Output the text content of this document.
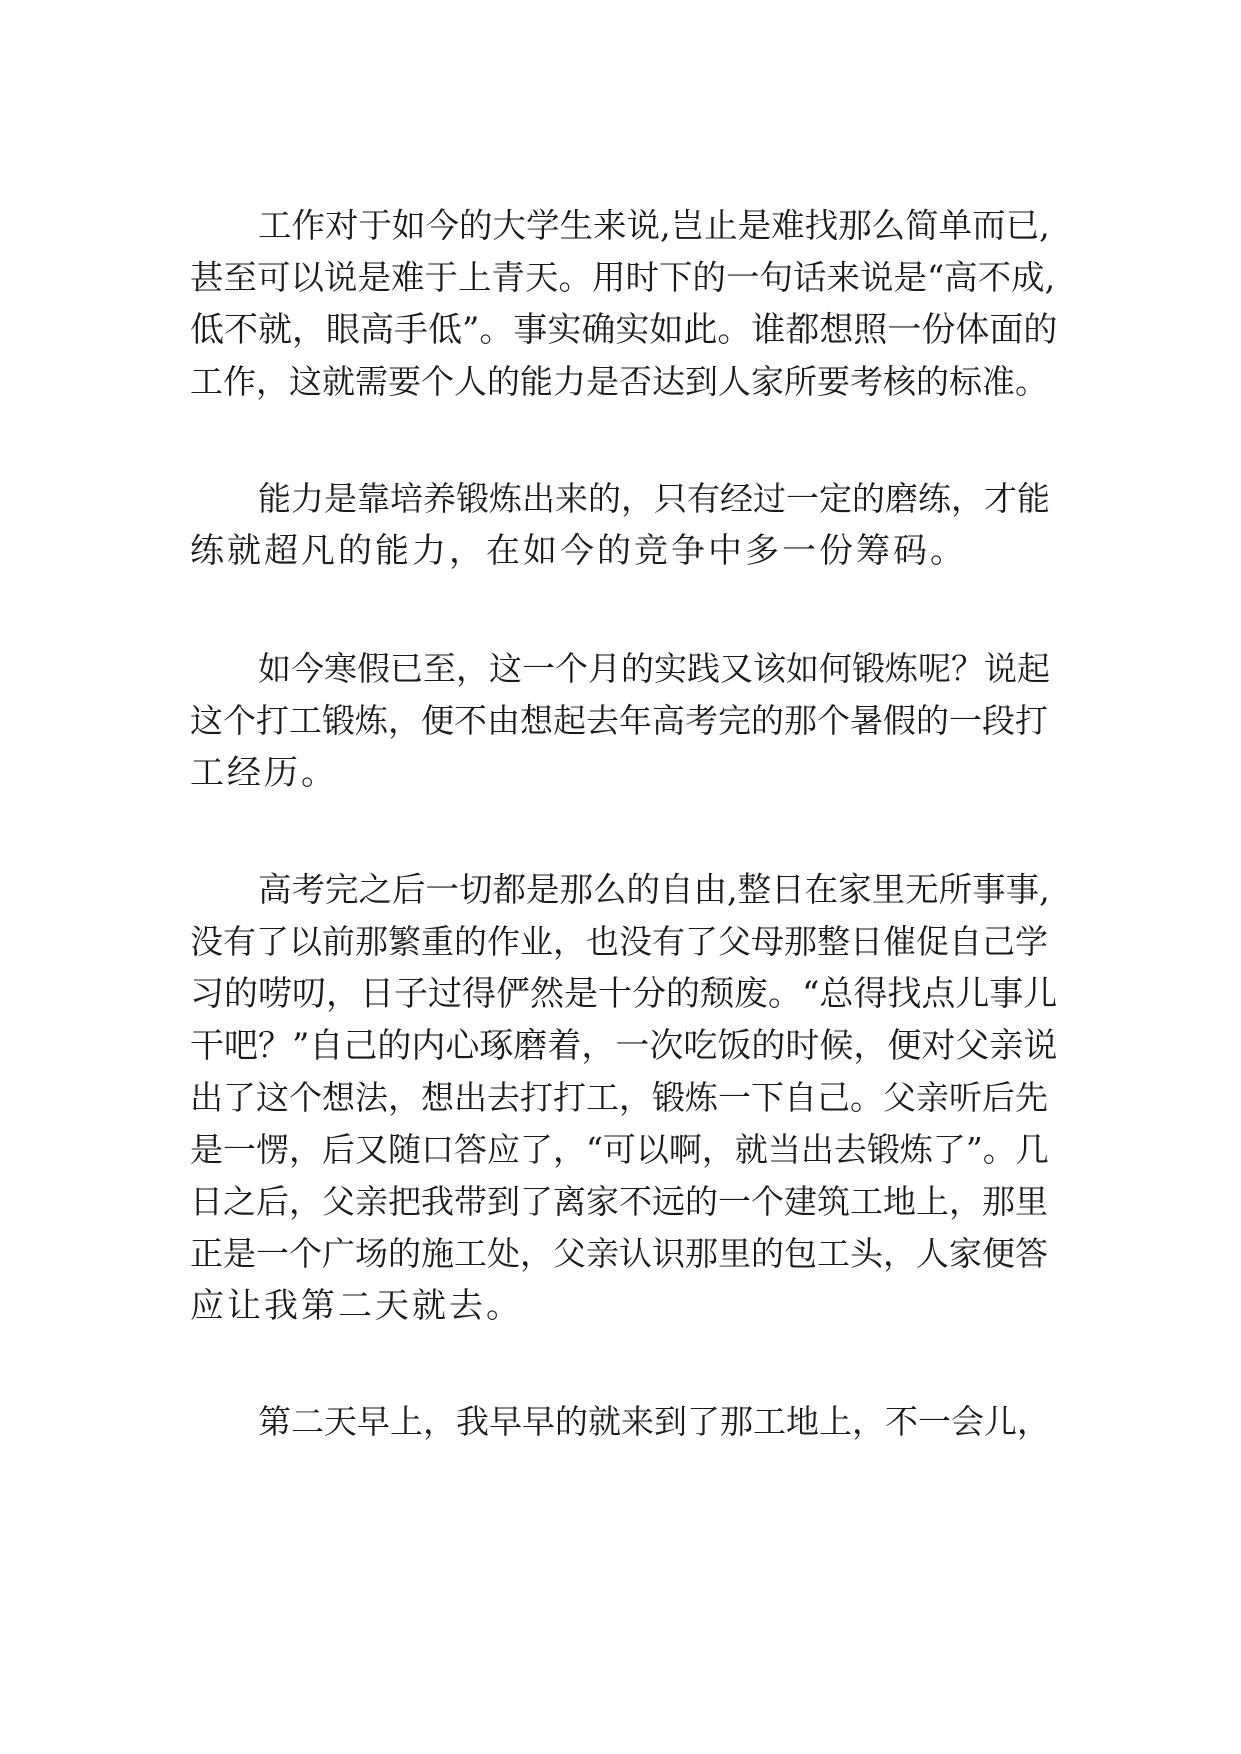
工作对于如今的大学生来说,岂止是难找那么简单而已,
甚至可以说是难于上青天。用时下的一句话来说是“高不成,
低不就，眼高手低”。事实确实如此。谁都想照一份体面的
工作，这就需要个人的能力是否达到人家所要考核的标准。
能力是靠培养锻炼出来的，只有经过一定的磨练，才能
练就超凡的能力，在如今的竞争中多一份筹码。
如今寒假已至，这一个月的实践又该如何锻炼呢？说起
这个打工锻炼，便不由想起去年高考完的那个暑假的一段打
工经历。
高考完之后一切都是那么的自由,整日在家里无所事事,
没有了以前那繁重的作业，也没有了父母那整日催促自己学
习的唠叨，日子过得俨然是十分的颓废。“总得找点儿事儿
干吧？”自己的内心琢磨着，一次吃饭的时候，便对父亲说
出了这个想法，想出去打打工，锻炼一下自己。父亲听后先
是一愣，后又随口答应了，“可以啊，就当出去锻炼了”。几
日之后，父亲把我带到了离家不远的一个建筑工地上，那里
正是一个广场的施工处，父亲认识那里的包工头，人家便答
应让我第二天就去。
第二天早上，我早早的就来到了那工地上，不一会儿，
